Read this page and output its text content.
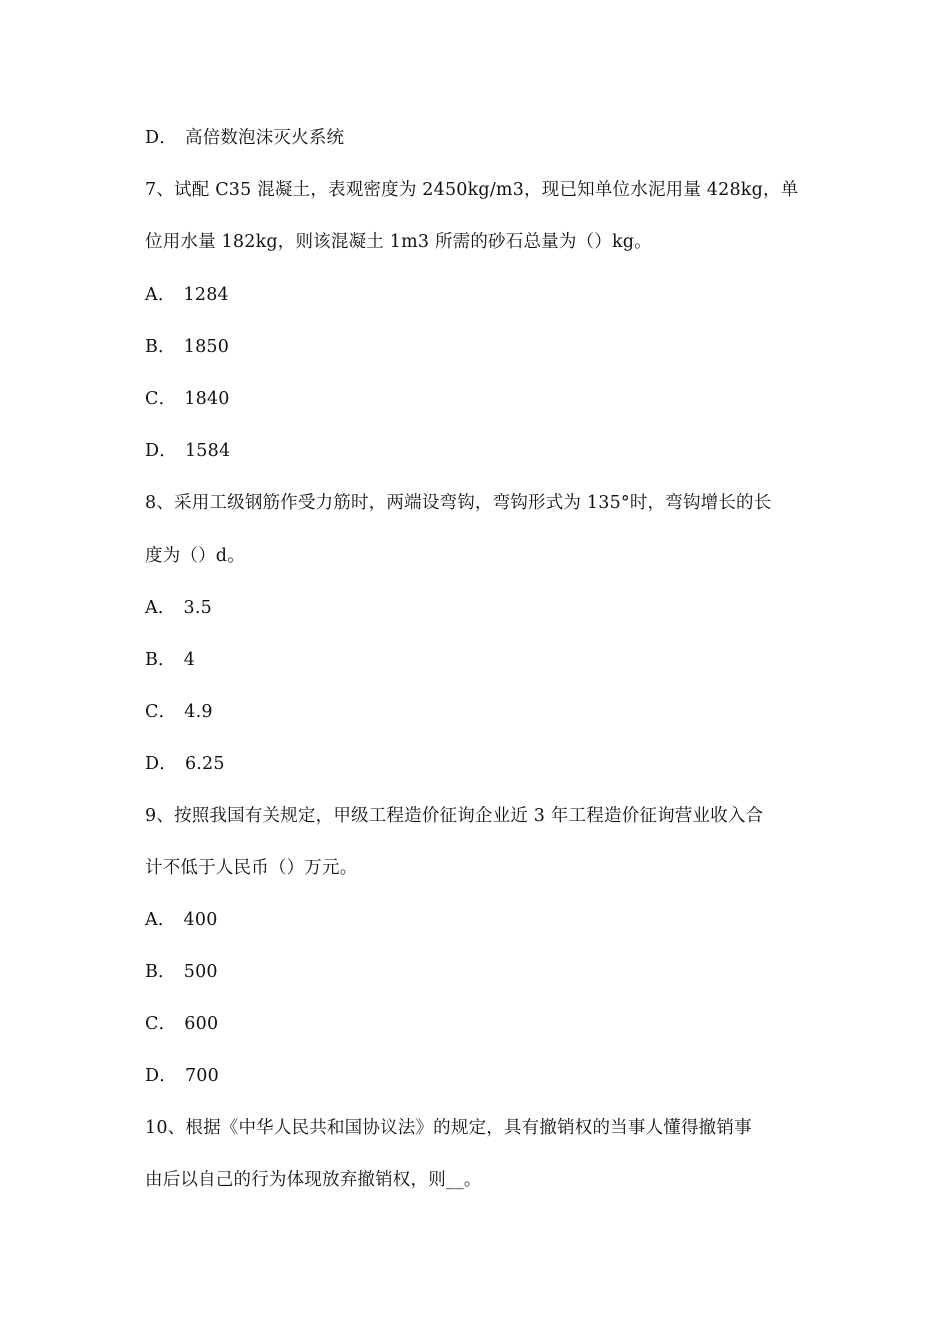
D． 高倍数泡沫灭火系统
7、试配 C35 混凝土，表观密度为 2450kg/m3，现已知单位水泥用量 428kg，单
位用水量 182kg，则该混凝土 1m3 所需的砂石总量为（）kg。
A． 1284
B． 1850
C． 1840
D． 1584
8、采用工级钢筋作受力筋时，两端设弯钩，弯钩形式为 135°时，弯钩增长的长
度为（）d。
A． 3.5
B． 4
C． 4.9
D． 6.25
9、按照我国有关规定，甲级工程造价征询企业近 3 年工程造价征询营业收入合
计不低于人民币（）万元。
A． 400
B． 500
C． 600
D． 700
10、根据《中华人民共和国协议法》的规定，具有撤销权的当事人懂得撤销事
由后以自己的行为体现放弃撤销权，则__。
